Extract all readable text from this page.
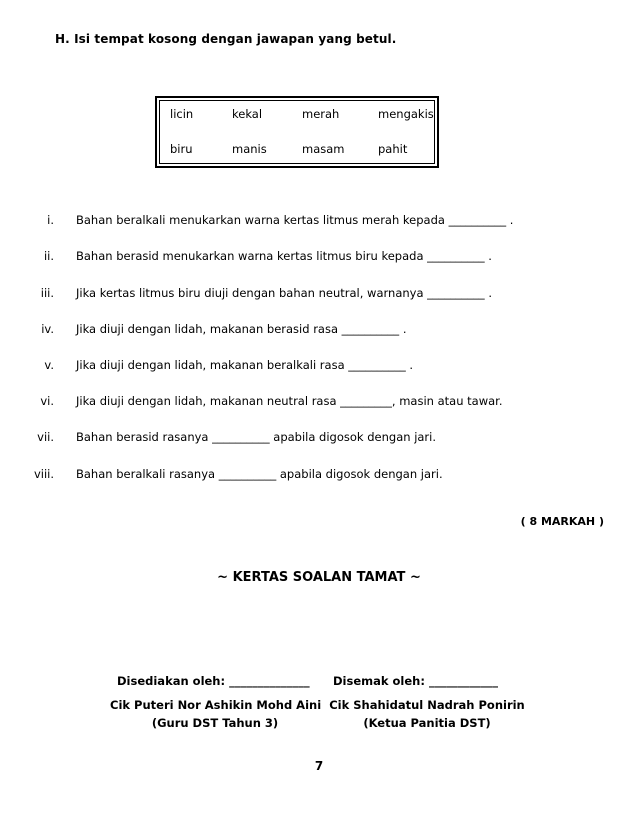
H. Isi tempat kosong dengan jawapan yang betul.
licin	kekal	merah	mengakis
biru	manis	masam	pahit
i. Bahan beralkali menukarkan warna kertas litmus merah kepada __________ .
ii. Bahan berasid menukarkan warna kertas litmus biru kepada __________ .
iii. Jika kertas litmus biru diuji dengan bahan neutral, warnanya __________ .
iv. Jika diuji dengan lidah, makanan berasid rasa __________ .
v. Jika diuji dengan lidah, makanan beralkali rasa __________ .
vi. Jika diuji dengan lidah, makanan neutral rasa _________, masin atau tawar.
vii. Bahan berasid rasanya __________ apabila digosok dengan jari.
viii. Bahan beralkali rasanya __________ apabila digosok dengan jari.
( 8 MARKAH )
~ KERTAS SOALAN TAMAT ~
Disediakan oleh: ______________ Disemak oleh: ____________
Cik Puteri Nor Ashikin Mohd Aini
(Guru DST Tahun 3)
Cik Shahidatul Nadrah Ponirin
(Ketua Panitia DST)
7
